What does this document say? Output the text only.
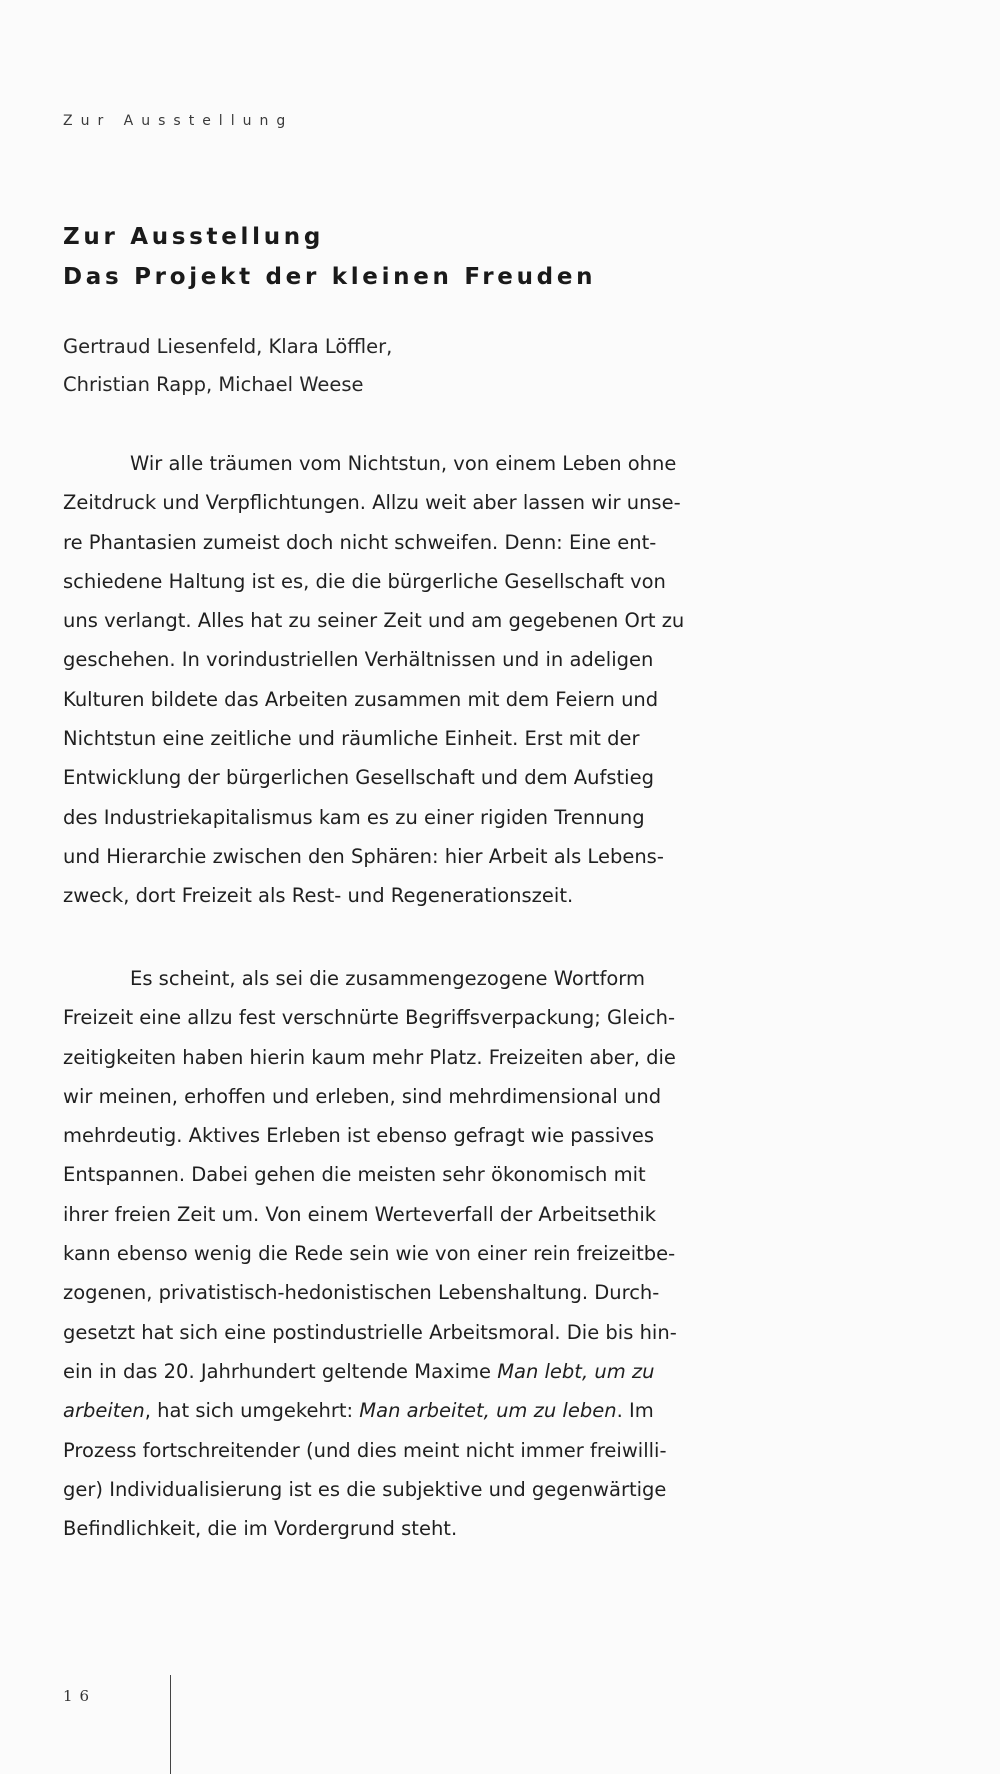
Zur Ausstellung
Zur Ausstellung
Das Projekt der kleinen Freuden
Gertraud Liesenfeld, Klara Löffler,
Christian Rapp, Michael Weese

Wir alle träumen vom Nichtstun, von einem Leben ohne
Zeitdruck und Verpflichtungen. Allzu weit aber lassen wir unse-
re Phantasien zumeist doch nicht schweifen. Denn: Eine ent-
schiedene Haltung ist es, die die bürgerliche Gesellschaft von
uns verlangt. Alles hat zu seiner Zeit und am gegebenen Ort zu
geschehen. In vorindustriellen Verhältnissen und in adeligen
Kulturen bildete das Arbeiten zusammen mit dem Feiern und
Nichtstun eine zeitliche und räumliche Einheit. Erst mit der
Entwicklung der bürgerlichen Gesellschaft und dem Aufstieg
des Industriekapitalismus kam es zu einer rigiden Trennung
und Hierarchie zwischen den Sphären: hier Arbeit als Lebens-
zweck, dort Freizeit als Rest- und Regenerationszeit.

Es scheint, als sei die zusammengezogene Wortform
Freizeit eine allzu fest verschnürte Begriffsverpackung; Gleich-
zeitigkeiten haben hierin kaum mehr Platz. Freizeiten aber, die
wir meinen, erhoffen und erleben, sind mehrdimensional und
mehrdeutig. Aktives Erleben ist ebenso gefragt wie passives
Entspannen. Dabei gehen die meisten sehr ökonomisch mit
ihrer freien Zeit um. Von einem Werteverfall der Arbeitsethik
kann ebenso wenig die Rede sein wie von einer rein freizeitbe-
zogenen, privatistisch-hedonistischen Lebenshaltung. Durch-
gesetzt hat sich eine postindustrielle Arbeitsmoral. Die bis hin-
ein in das 20. Jahrhundert geltende Maxime Man lebt, um zu
arbeiten, hat sich umgekehrt: Man arbeitet, um zu leben. Im
Prozess fortschreitender (und dies meint nicht immer freiwilli-
ger) Individualisierung ist es die subjektive und gegenwärtige
Befindlichkeit, die im Vordergrund steht.

16
